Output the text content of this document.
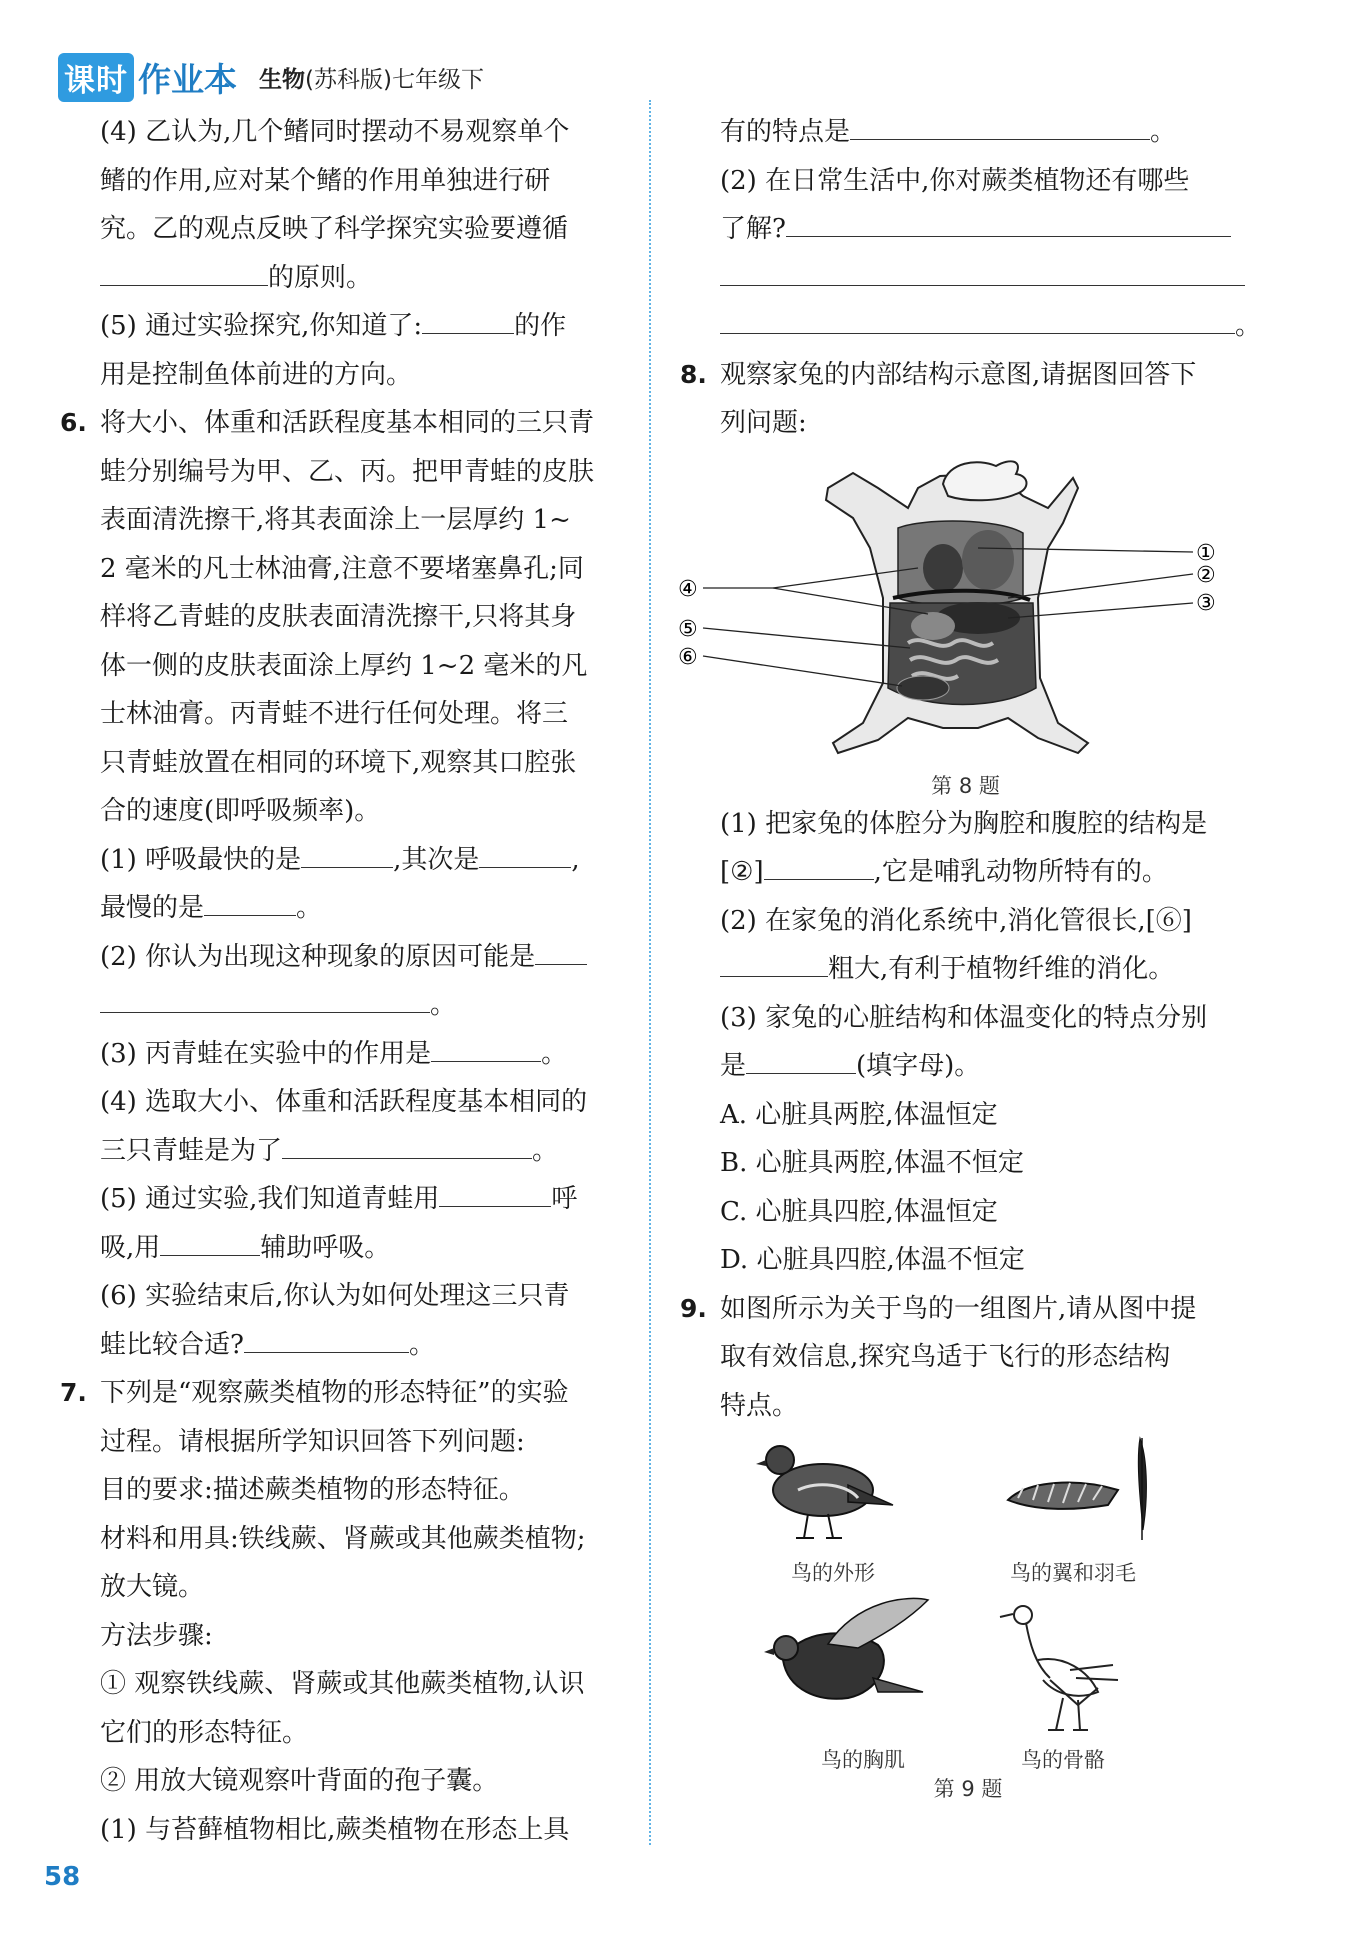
课时 作业本 生物(苏科版)七年级下
(4) 乙认为,几个鳍同时摆动不易观察单个
鳍的作用,应对某个鳍的作用单独进行研
究。乙的观点反映了科学探究实验要遵循
的原则。
(5) 通过实验探究,你知道了:	的作
用是控制鱼体前进的方向。
6. 将大小、体重和活跃程度基本相同的三只青
蛙分别编号为甲、乙、丙。把甲青蛙的皮肤
表面清洗擦干,将其表面涂上一层厚约 1~
2 毫米的凡士林油膏,注意不要堵塞鼻孔;同
样将乙青蛙的皮肤表面清洗擦干,只将其身
体一侧的皮肤表面涂上厚约 1~2 毫米的凡
士林油膏。丙青蛙不进行任何处理。将三
只青蛙放置在相同的环境下,观察其口腔张
合的速度(即呼吸频率)。
(1) 呼吸最快的是	,其次是	,
最慢的是	。
(2) 你认为出现这种现象的原因可能是
。
(3) 丙青蛙在实验中的作用是	。
(4) 选取大小、体重和活跃程度基本相同的
三只青蛙是为了	。
(5) 通过实验,我们知道青蛙用	呼
吸,用	辅助呼吸。
(6) 实验结束后,你认为如何处理这三只青
蛙比较合适?	。
7. 下列是“观察蕨类植物的形态特征”的实验
过程。请根据所学知识回答下列问题:
目的要求:描述蕨类植物的形态特征。
材料和用具:铁线蕨、肾蕨或其他蕨类植物;
放大镜。
方法步骤:
① 观察铁线蕨、肾蕨或其他蕨类植物,认识
它们的形态特征。
② 用放大镜观察叶背面的孢子囊。
(1) 与苔藓植物相比,蕨类植物在形态上具
有的特点是	。
(2) 在日常生活中,你对蕨类植物还有哪些
了解?
。
8. 观察家兔的内部结构示意图,请据图回答下
列问题:
①
②
③
④
⑤
⑥
第 8 题
(1) 把家兔的体腔分为胸腔和腹腔的结构是
[②]	,它是哺乳动物所特有的。
(2) 在家兔的消化系统中,消化管很长,[⑥]
粗大,有利于植物纤维的消化。
(3) 家兔的心脏结构和体温变化的特点分别
是	(填字母)。
A. 心脏具两腔,体温恒定
B. 心脏具两腔,体温不恒定
C. 心脏具四腔,体温恒定
D. 心脏具四腔,体温不恒定
9. 如图所示为关于鸟的一组图片,请从图中提
取有效信息,探究鸟适于飞行的形态结构
特点。
鸟的外形	鸟的翼和羽毛
鸟的胸肌	鸟的骨骼
第 9 题
58
